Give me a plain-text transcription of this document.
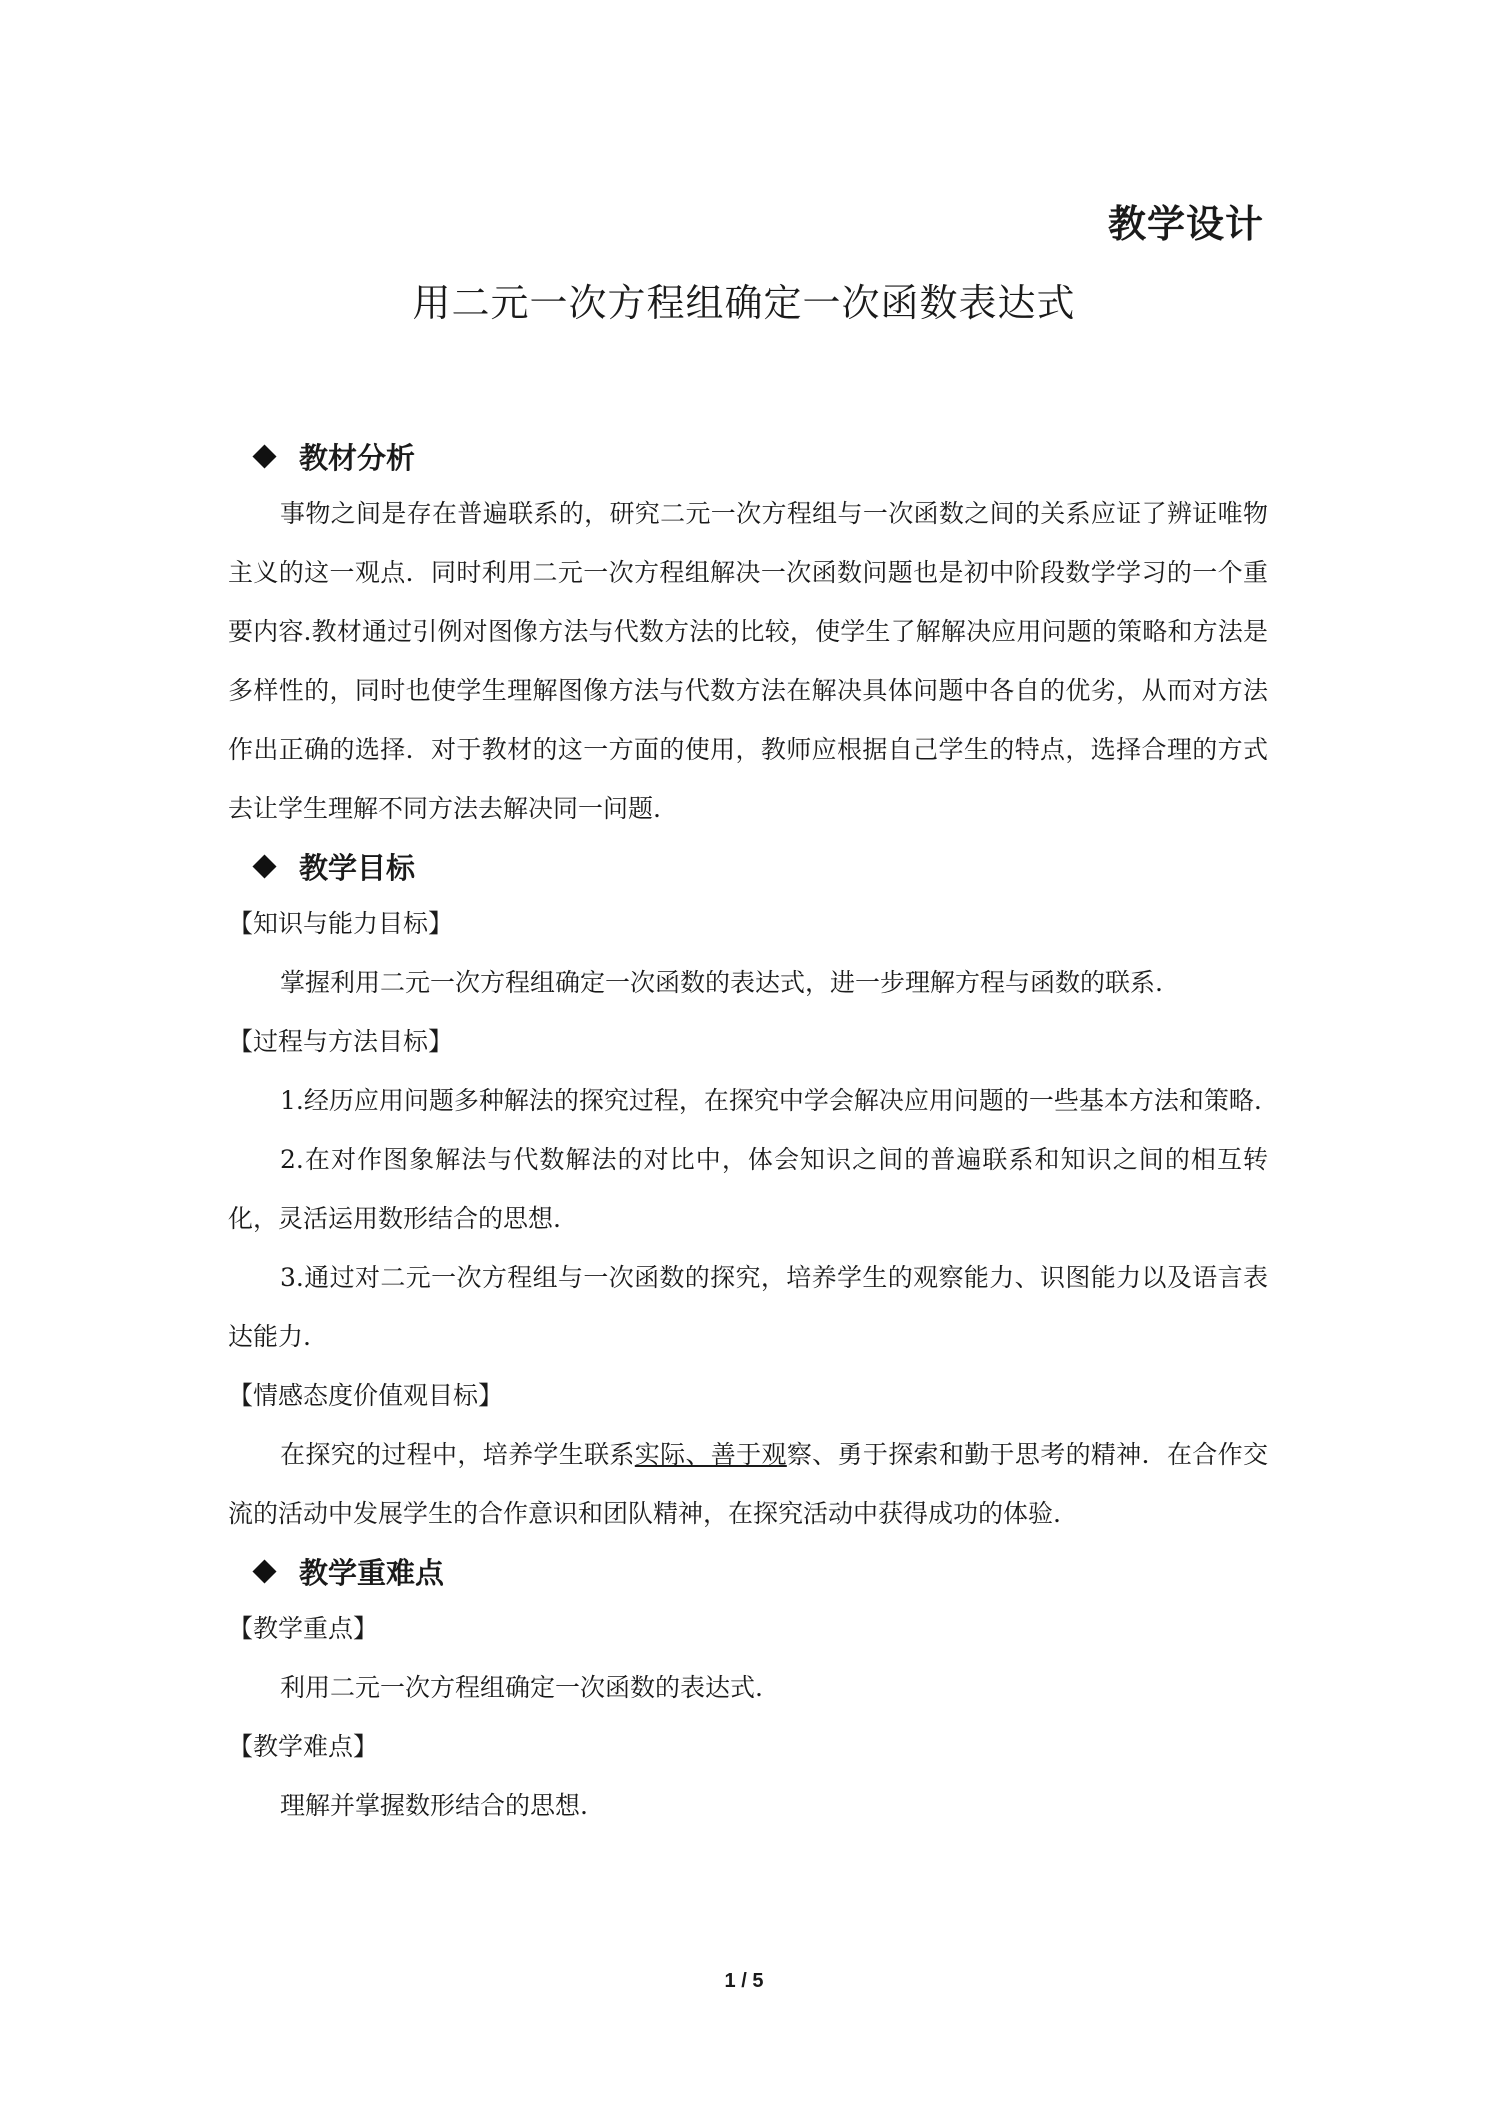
教学设计
用二元一次方程组确定一次函数表达式
教材分析

事物之间是存在普遍联系的，研究二元一次方程组与一次函数之间的关系应证了辨证唯物主义的这一观点．同时利用二元一次方程组解决一次函数问题也是初中阶段数学学习的一个重要内容.教材通过引例对图像方法与代数方法的比较，使学生了解解决应用问题的策略和方法是多样性的，同时也使学生理解图像方法与代数方法在解决具体问题中各自的优劣，从而对方法作出正确的选择．对于教材的这一方面的使用，教师应根据自己学生的特点，选择合理的方式去让学生理解不同方法去解决同一问题.

教学目标

【知识与能力目标】

掌握利用二元一次方程组确定一次函数的表达式，进一步理解方程与函数的联系.

【过程与方法目标】

1.经历应用问题多种解法的探究过程，在探究中学会解决应用问题的一些基本方法和策略.

2.在对作图象解法与代数解法的对比中，体会知识之间的普遍联系和知识之间的相互转化，灵活运用数形结合的思想.

3.通过对二元一次方程组与一次函数的探究，培养学生的观察能力、识图能力以及语言表达能力.

【情感态度价值观目标】

在探究的过程中，培养学生联系实际、善于观察、勇于探索和勤于思考的精神．在合作交流的活动中发展学生的合作意识和团队精神，在探究活动中获得成功的体验.

教学重难点

【教学重点】

利用二元一次方程组确定一次函数的表达式.

【教学难点】

理解并掌握数形结合的思想.

1 / 5
